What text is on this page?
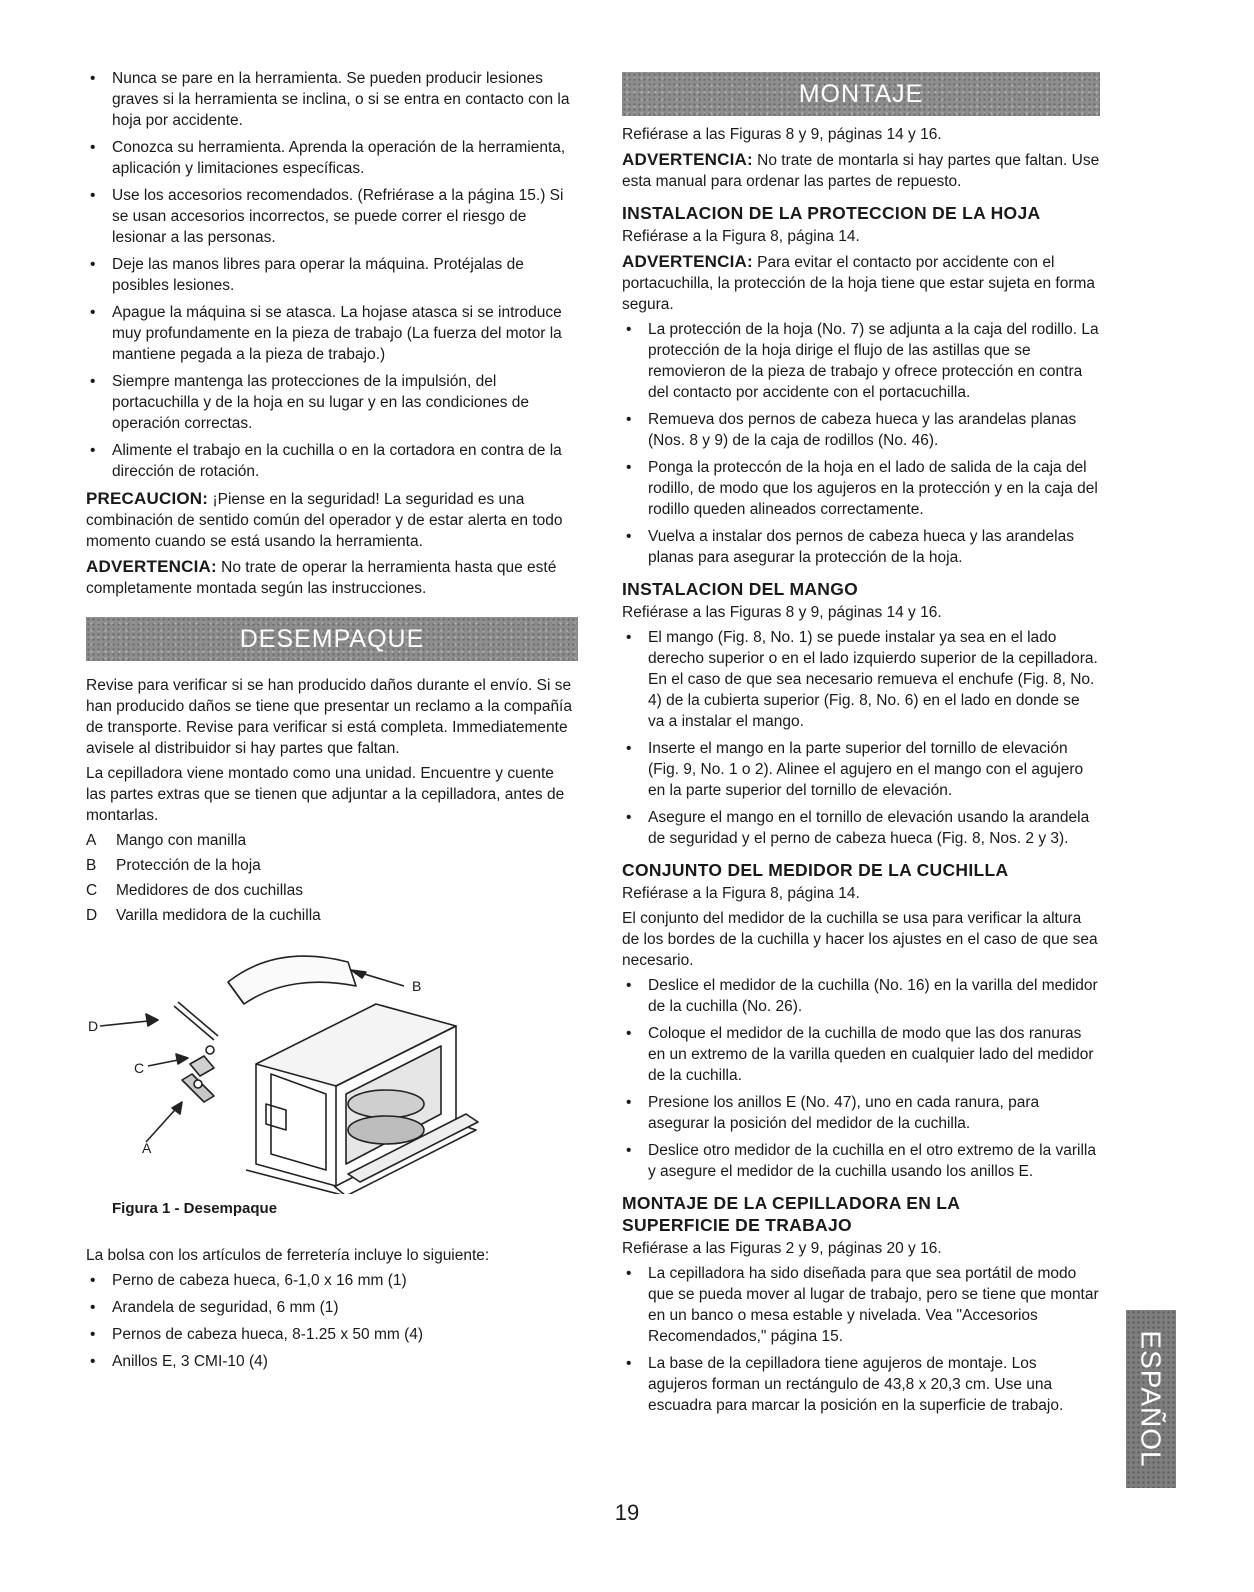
• Nunca se pare en la herramienta. Se pueden producir lesiones graves si la herramienta se inclina, o si se entra en contacto con la hoja por accidente.
• Conozca su herramienta. Aprenda la operación de la herramienta, aplicación y limitaciones específicas.
• Use los accesorios recomendados. (Refriérase a la página 15.) Si se usan accesorios incorrectos, se puede correr el riesgo de lesionar a las personas.
• Deje las manos libres para operar la máquina. Protéjalas de posibles lesiones.
• Apague la máquina si se atasca. La hojase atasca si se introduce muy profundamente en la pieza de trabajo (La fuerza del motor la mantiene pegada a la pieza de trabajo.)
• Siempre mantenga las protecciones de la impulsión, del portacuchilla y de la hoja en su lugar y en las condiciones de operación correctas.
• Alimente el trabajo en la cuchilla o en la cortadora en contra de la dirección de rotación.

PRECAUCION: ¡Piense en la seguridad! La seguridad es una combinación de sentido común del operador y de estar alerta en todo momento cuando se está usando la herramienta.

ADVERTENCIA: No trate de operar la herramienta hasta que esté completamente montada según las instrucciones.

DESEMPAQUE

Revise para verificar si se han producido daños durante el envío. Si se han producido daños se tiene que presentar un reclamo a la compañía de transporte. Revise para verificar si está completa. Immediatemente avisele al distribuidor si hay partes que faltan.

La cepilladora viene montado como una unidad. Encuentre y cuente las partes extras que se tienen que adjuntar a la cepilladora, antes de montarlas.

A Mango con manilla
B Protección de la hoja
C Medidores de dos cuchillas
D Varilla medidora de la cuchilla
B
D
C
A
Figura 1 - Desempaque

La bolsa con los artículos de ferretería incluye lo siguiente:

• Perno de cabeza hueca, 6-1,0 x 16 mm (1)
• Arandela de seguridad, 6 mm (1)
• Pernos de cabeza hueca, 8-1.25 x 50 mm (4)
• Anillos E, 3 CMI-10 (4)
MONTAJE

Refiérase a las Figuras 8 y 9, páginas 14 y 16.

ADVERTENCIA: No trate de montarla si hay partes que faltan. Use esta manual para ordenar las partes de repuesto.

INSTALACION DE LA PROTECCION DE LA HOJA

Refiérase a la Figura 8, página 14.

ADVERTENCIA: Para evitar el contacto por accidente con el portacuchilla, la protección de la hoja tiene que estar sujeta en forma segura.

• La protección de la hoja (No. 7) se adjunta a la caja del rodillo. La protección de la hoja dirige el flujo de las astillas que se removieron de la pieza de trabajo y ofrece protección en contra del contacto por accidente con el portacuchilla.
• Remueva dos pernos de cabeza hueca y las arandelas planas (Nos. 8 y 9) de la caja de rodillos (No. 46).
• Ponga la proteccón de la hoja en el lado de salida de la caja del rodillo, de modo que los agujeros en la protección y en la caja del rodillo queden alineados correctamente.
• Vuelva a instalar dos pernos de cabeza hueca y las arandelas planas para asegurar la protección de la hoja.
INSTALACION DEL MANGO

Refiérase a las Figuras 8 y 9, páginas 14 y 16.

• El mango (Fig. 8, No. 1) se puede instalar ya sea en el lado derecho superior o en el lado izquierdo superior de la cepilladora. En el caso de que sea necesario remueva el enchufe (Fig. 8, No. 4) de la cubierta superior (Fig. 8, No. 6) en el lado en donde se va a instalar el mango.
• Inserte el mango en la parte superior del tornillo de elevación (Fig. 9, No. 1 o 2). Alinee el agujero en el mango con el agujero en la parte superior del tornillo de elevación.
• Asegure el mango en el tornillo de elevación usando la arandela de seguridad y el perno de cabeza hueca (Fig. 8, Nos. 2 y 3).
CONJUNTO DEL MEDIDOR DE LA CUCHILLA

Refiérase a la Figura 8, página 14.

El conjunto del medidor de la cuchilla se usa para verificar la altura de los bordes de la cuchilla y hacer los ajustes en el caso de que sea necesario.

• Deslice el medidor de la cuchilla (No. 16) en la varilla del medidor de la cuchilla (No. 26).
• Coloque el medidor de la cuchilla de modo que las dos ranuras en un extremo de la varilla queden en cualquier lado del medidor de la cuchilla.
• Presione los anillos E (No. 47), uno en cada ranura, para asegurar la posición del medidor de la cuchilla.
• Deslice otro medidor de la cuchilla en el otro extremo de la varilla y asegure el medidor de la cuchilla usando los anillos E.
MONTAJE DE LA CEPILLADORA EN LA SUPERFICIE DE TRABAJO

Refiérase a las Figuras 2 y 9, páginas 20 y 16.

• La cepilladora ha sido diseñada para que sea portátil de modo que se pueda mover al lugar de trabajo, pero se tiene que montar en un banco o mesa estable y nivelada. Vea "Accesorios Recomendados," página 15.
• La base de la cepilladora tiene agujeros de montaje. Los agujeros forman un rectángulo de 43,8 x 20,3 cm. Use una escuadra para marcar la posición en la superficie de trabajo.	ESPAÑOL
19
